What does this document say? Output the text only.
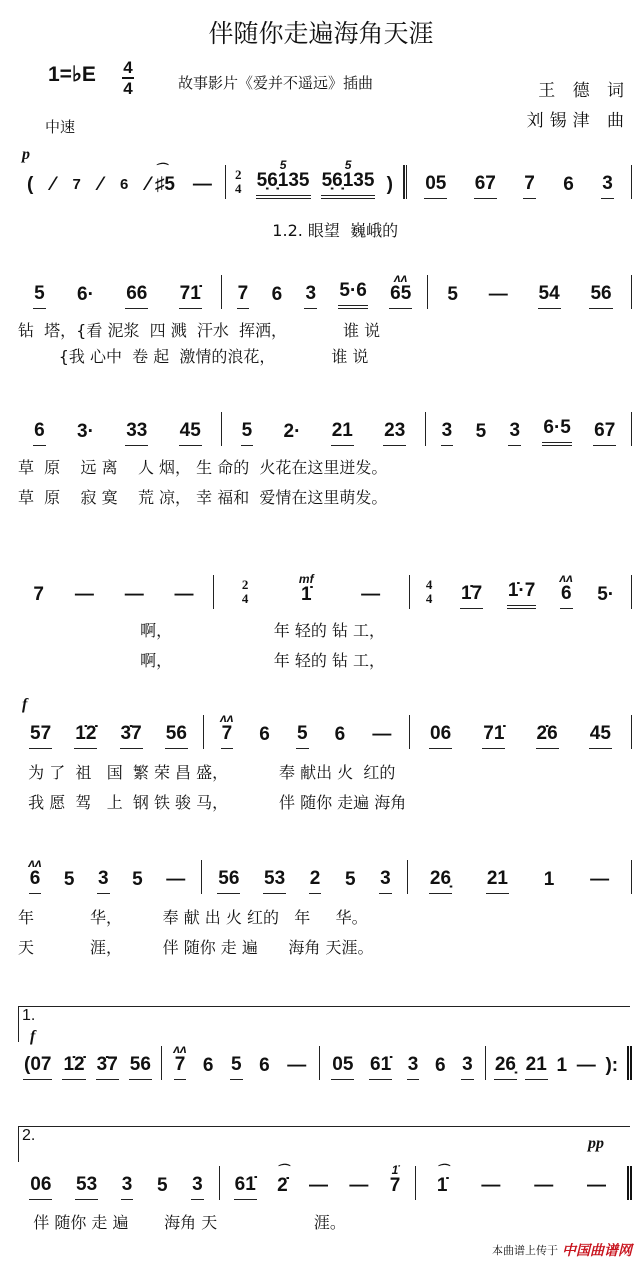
伴随你走遍海角天涯
1=♭E 4
4	故事影片《爱并不遥远》插曲	王 德 词
刘锡津 曲
中速
p
( ⁄ 7 ⁄ 6 ⁄ ♯5
⌒
— 2
4 5̣6̣135
5
5̣6̣135
5
) 05 67 7 6 3
1.2. 眼望  巍峨的
5 6· 66 71̇ 7 6 3 5·6 65
ʌʌ
5 — 54 56
钻  塔，{看 泥浆  四 溅  汗水  挥洒，           谁 说
{我 心中  卷 起  激情的浪花，           谁 说
6 3· 33 45 5 2· 21 23 3 5 3 6·5 67
草  原    远 离    人 烟， 生 命的  火花在这里迸发。
草  原    寂 寞    荒 凉， 幸 福和  爱情在这里萌发。
7 — — —	2
4	1̇
mf
—	4
4 1̇7 1̇·7 6
ʌʌ
5·
啊，                    年 轻的 钻 工，
啊，                    年 轻的 钻 工，
f
57 1̇2̇ 3̇7 56 7
ʌʌ
6 5 6 — 06 71̇ 2̇6 45
为 了  祖   国  繁 荣 昌 盛，          奉 献出 火  红的
我 愿  驾   上  钢 铁 骏 马，          伴 随你 走遍 海角
6
ʌʌ
5 3 5 — 56 53 2 5 3 26̣ 21 1 —
年           华，        奉 献 出 火 红的   年     华。
天           涯，        伴 随你 走 遍      海角 天涯。
1.
f
(07 1̇2̇ 3̇7 56 7
ʌʌ
6 5 6 — 05 61̇ 3 6 3 26̣ 21 1 — ):
2.	pp
06 53 3 5 3 61̇ 2̇
⌒
— — 7
1̇
1̇
⌒
— — —
伴 随你 走 遍       海角 天                   涯。
本曲谱上传于 中国曲谱网
